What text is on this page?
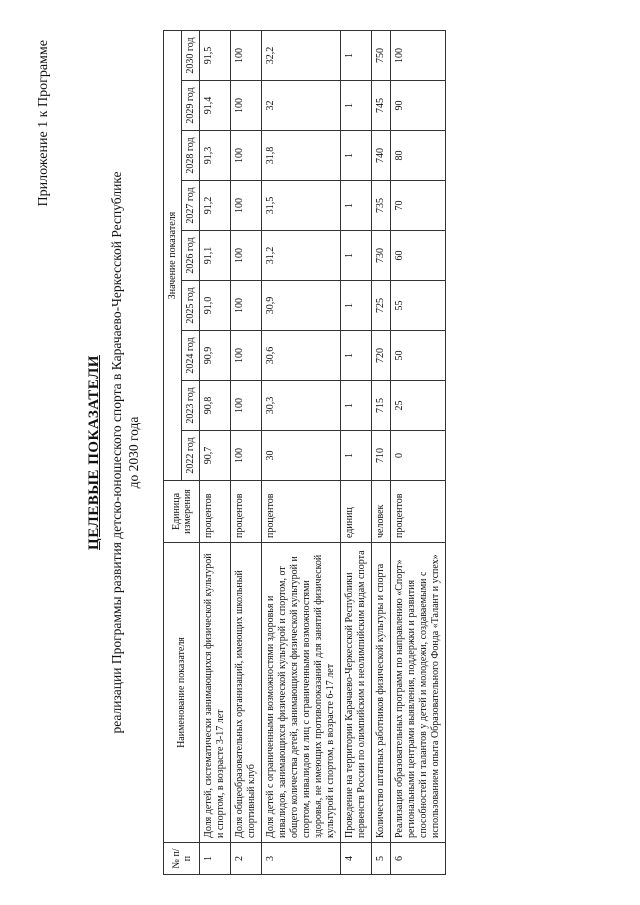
Приложение 1 к Программе
ЦЕЛЕВЫЕ ПОКАЗАТЕЛИ реализации Программы развития детско-юношеского спорта в Карачаево-Черкесской Республике до 2030 года
№ п/п	Наименование показателя	Единица измерения	Значение показателя								
			2022 год	2023 год	2024 год	2025 год	2026 год	2027 год	2028 год	2029 год	2030 год
1	Доля детей, систематически занимающихся физической культурой и спортом, в возрасте 3-17 лет	процентов	90,7	90,8	90,9	91,0	91,1	91,2	91,3	91,4	91,5
2	Доля общеобразовательных организаций, имеющих школьный спортивный клуб	процентов	100	100	100	100	100	100	100	100	100
3	Доля детей с ограниченными возможностями здоровья и инвалидов, занимающихся физической культурой и спортом, от общего количества детей, занимающихся физической культурой и спортом, инвалидов и лиц с ограниченными возможностями здоровья, не имеющих противопоказаний для занятий физической культурой и спортом, в возрасте 6-17 лет	процентов	30	30,3	30,6	30,9	31,2	31,5	31,8	32	32,2
4	Проведение на территории Карачаево-Черкесской Республики первенств России по олимпийским и неолимпийским видам спорта	единиц	1	1	1	1	1	1	1	1	1
5	Количество штатных работников физической культуры и спорта	человек	710	715	720	725	730	735	740	745	750
6	Реализация образовательных программ по направлению «Спорт» региональными центрами выявления, поддержки и развития способностей и талантов у детей и молодежи, создаваемыми с использованием опыта Образовательного Фонда «Талант и успех»	процентов	0	25	50	55	60	70	80	90	100
